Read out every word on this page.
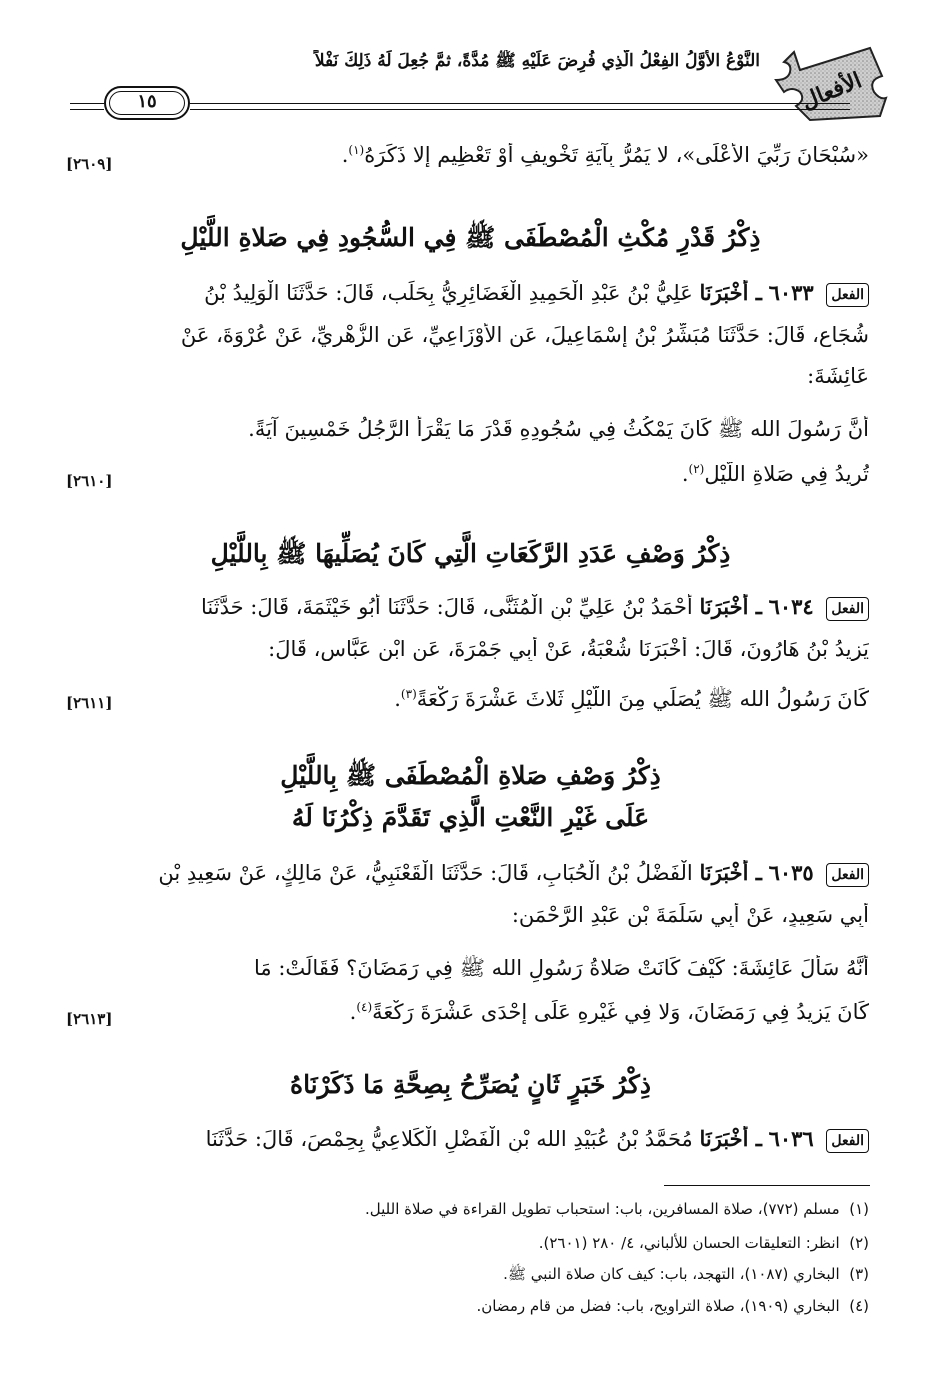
الأفعال
النَّوْعُ الأَوَّلُ الفِعْلُ الَّذِي فُرِضَ عَلَيْهِ ﷺ مُدَّةً، ثمَّ جُعِلَ لَهُ ذَلِكَ نَفْلاً
١٥
«سُبْحَانَ رَبِّيَ الأَعْلَى»، لا يَمُرُّ بِآيَةِ تَخْوِيفٍ أَوْ تَعْظِيمٍ إِلا ذَكَرَهُ$^{(١)}$.
[٢٦٠٩]
ذِكْرُ قَدْرِ مُكْثِ الْمُصْطَفَى ﷺ فِي السُّجُودِ فِي صَلاةِ اللَّيْلِ
الفعل ٦٠٣٣ ـ أَخْبَرَنَا عَلِيُّ بْنُ عَبْدِ الْحَمِيدِ الْغَضَائِرِيُّ بِحَلَب، قَالَ: حَدَّثَنَا الْوَلِيدُ بْنُ
شُجَاعٍ، قَالَ: حَدَّثَنَا مُبَشِّرُ بْنُ إِسْمَاعِيلَ، عَنِ الأَوْزَاعِيِّ، عَنِ الزُّهْرِيِّ، عَنْ عُرْوَةَ، عَنْ
عَائِشَةَ:
أَنَّ رَسُولَ الله ﷺ كَانَ يَمْكُثُ فِي سُجُودِهِ قَدْرَ مَا يَقْرَأُ الرَّجُلُ خَمْسِينَ آيَةً.
تُرِيدُ فِي صَلاةِ اللَّيْلِ$^{(٢)}$.
[٢٦١٠]
ذِكْرُ وَصْفِ عَدَدِ الرَّكَعَاتِ الَّتِي كَانَ يُصَلِّيهَا ﷺ بِاللَّيْلِ
الفعل ٦٠٣٤ ـ أَخْبَرَنَا أَحْمَدُ بْنُ عَلِيِّ بْنِ الْمُثَنَّى، قَالَ: حَدَّثَنَا أَبُو خَيْثَمَةَ، قَالَ: حَدَّثَنَا
يَزِيدُ بْنُ هَارُونَ، قَالَ: أَخْبَرَنَا شُعْبَةُ، عَنْ أَبِي جَمْرَةَ، عَنِ ابْنِ عَبَّاسٍ، قَالَ:
كَانَ رَسُولُ الله ﷺ يُصَلِّي مِنَ اللَّيْلِ ثَلاثَ عَشْرَةَ رَكْعَةً$^{(٣)}$.
[٢٦١١]
ذِكْرُ وَصْفِ صَلاةِ الْمُصْطَفَى ﷺ بِاللَّيْلِ
عَلَى غَيْرِ النَّعْتِ الَّذِي تَقَدَّمَ ذِكْرُنَا لَهُ
الفعل ٦٠٣٥ ـ أَخْبَرَنَا الْفَضْلُ بْنُ الْحُبَابِ، قَالَ: حَدَّثَنَا الْقَعْنَبِيُّ، عَنْ مَالِكٍ، عَنْ سَعِيدِ بْنِ
أَبِي سَعِيدٍ، عَنْ أَبِي سَلَمَةَ بْنِ عَبْدِ الرَّحْمَنِ:
أَنَّهُ سَأَلَ عَائِشَةَ: كَيْفَ كَانَتْ صَلاةُ رَسُولِ الله ﷺ فِي رَمَضَانَ؟ فَقَالَتْ: مَا
كَانَ يَزِيدُ فِي رَمَضَانَ، وَلا فِي غَيْرِهِ عَلَى إِحْدَى عَشْرَةَ رَكْعَةً$^{(٤)}$.
[٢٦١٣]
ذِكْرُ خَبَرٍ ثَانٍ يُصَرِّحُ بِصِحَّةِ مَا ذَكَرْنَاهُ
الفعل ٦٠٣٦ ـ أَخْبَرَنَا مُحَمَّدُ بْنُ عُبَيْدِ الله بْنِ الْفَضْلِ الْكَلاعِيُّ بِحِمْصَ، قَالَ: حَدَّثَنَا
(١)  مسلم (٧٧٢)، صلاة المسافرين، باب: استحباب تطويل القراءة في صلاة الليل.
(٢)  انظر: التعليقات الحسان للألباني، ٤/ ٢٨٠ (٢٦٠١).
(٣)  البخاري (١٠٨٧)، التهجد، باب: كيف كان صلاة النبي ﷺ.
(٤)  البخاري (١٩٠٩)، صلاة التراويح، باب: فضل من قام رمضان.
